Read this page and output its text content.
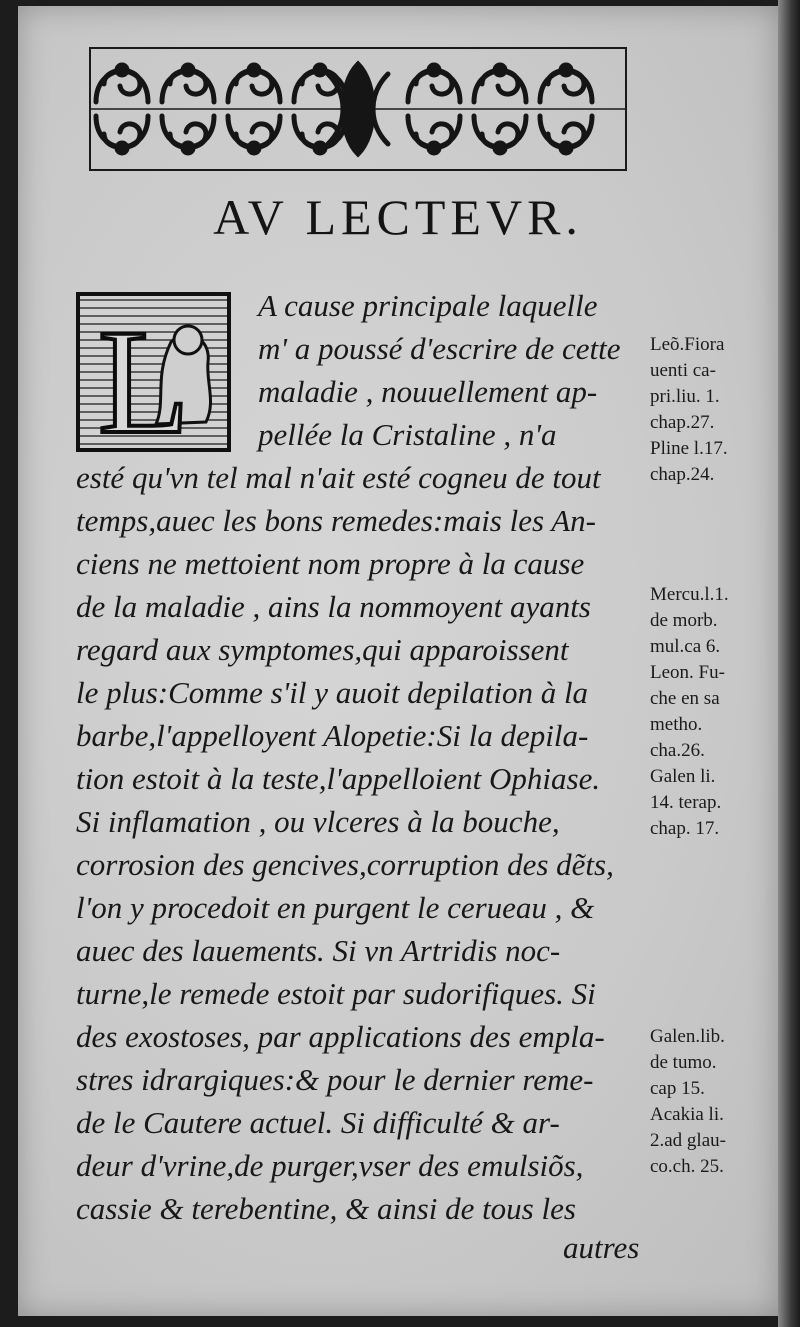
AV LECTEVR.
L A cause principale laquelle

m' a poussé d'escrire de cette

maladie , nouuellement ap-

pellée la Cristaline , n'a

esté qu'vn tel mal n'ait esté cogneu de tout

temps,auec les bons remedes:mais les An-

ciens ne mettoient nom propre à la cause

de la maladie , ains la nommoyent ayants

regard aux symptomes,qui apparoissent

le plus:Comme s'il y auoit depilation à la

barbe,l'appelloyent Alopetie:Si la depila-

tion estoit à la teste,l'appelloient Ophiase.

Si inflamation , ou vlceres à la bouche,

corrosion des gencives,corruption des dẽts,

l'on y procedoit en purgent le cerueau , &

auec des lauements. Si vn Artridis noc-

turne,le remede estoit par sudorifiques. Si

des exostoses, par applications des empla-

stres idrargiques:& pour le dernier reme-

de le Cautere actuel. Si difficulté & ar-

deur d'vrine,de purger,vser des emulsiõs,

cassie & terebentine, & ainsi de tous les

autres

Leõ.Fiora

uenti ca-

pri.liu. 1.

chap.27.

Pline l.17.

chap.24.

Mercu.l.1.

de morb.

mul.ca 6.

Leon. Fu-

che en sa

metho.

cha.26.

Galen li.

14. terap.

chap. 17.

Galen.lib.

de tumo.

cap 15.

Acakia li.

2.ad glau-

co.ch. 25.
